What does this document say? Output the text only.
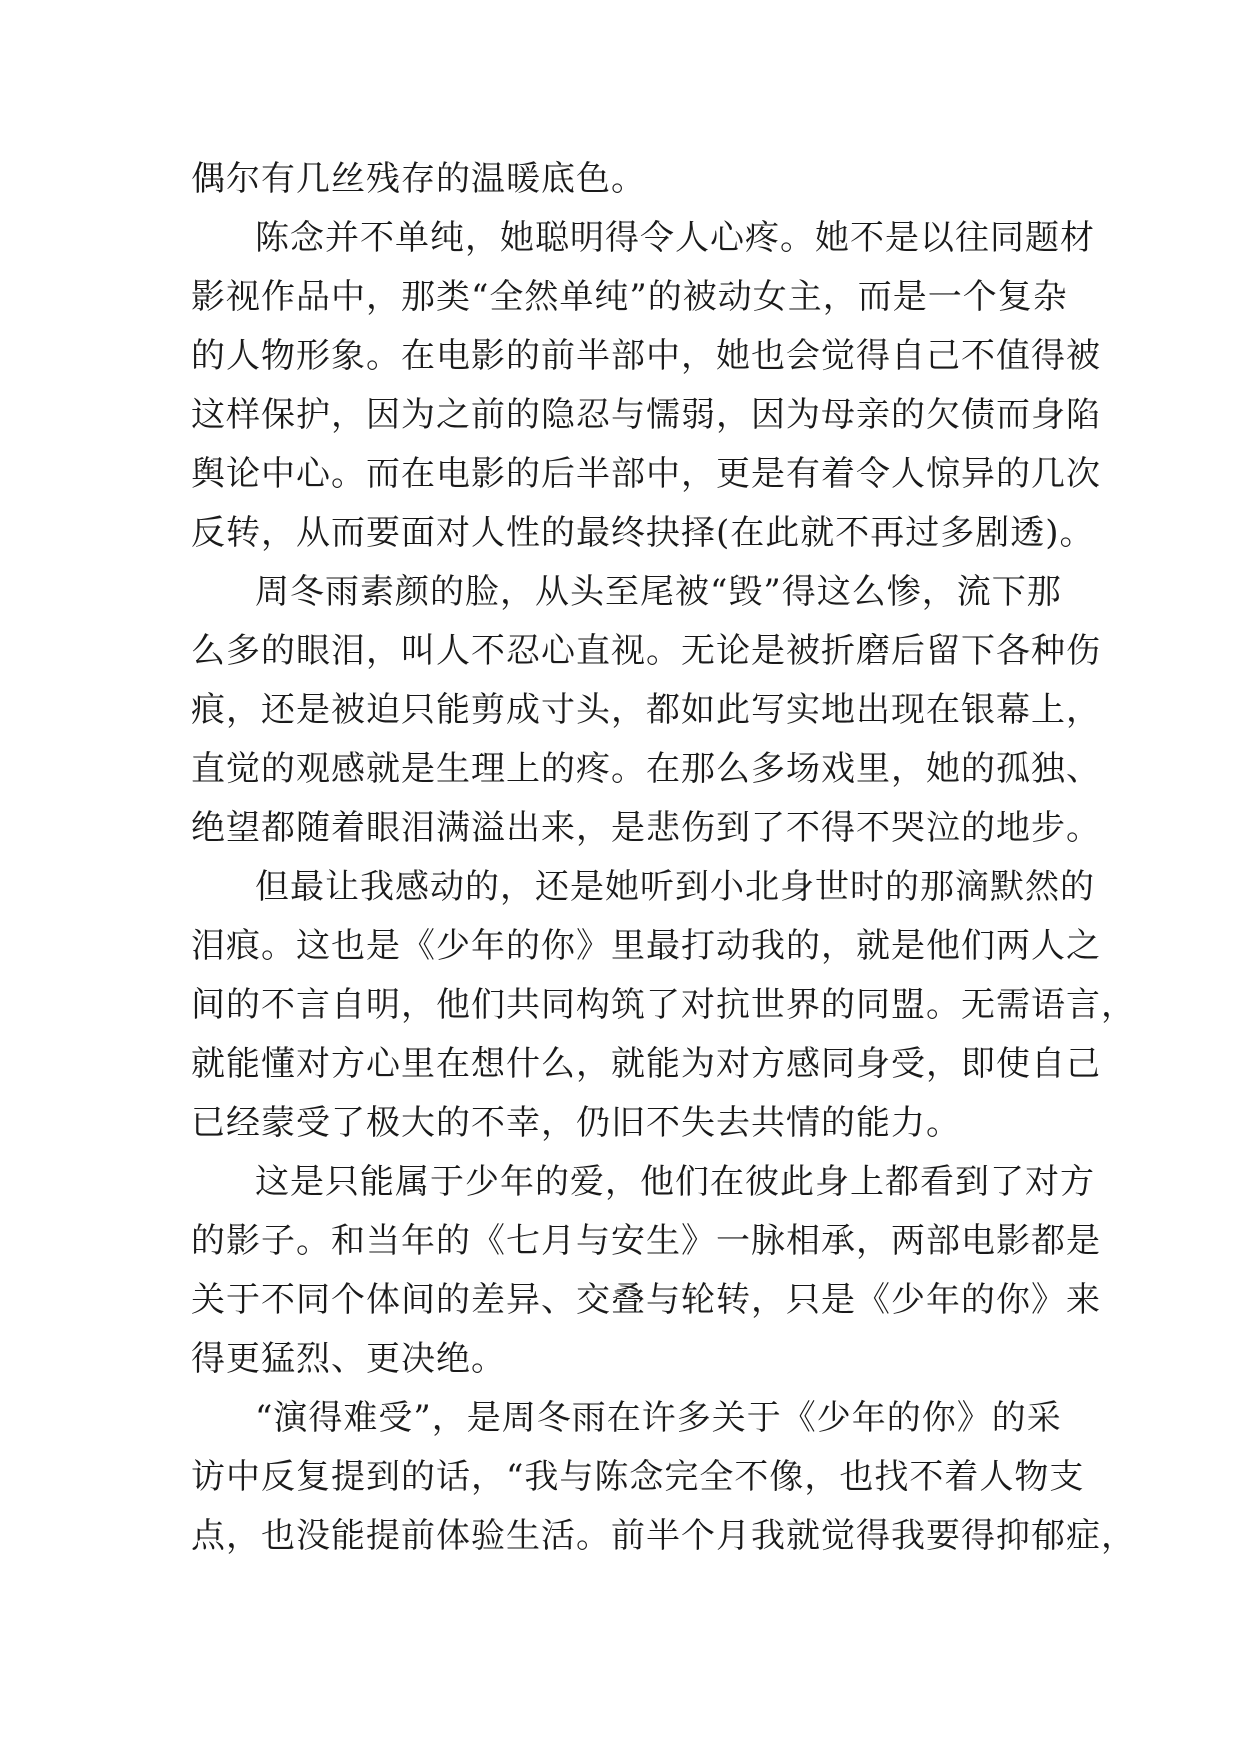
偶尔有几丝残存的温暖底色。
陈念并不单纯，她聪明得令人心疼。她不是以往同题材
影视作品中，那类“全然单纯”的被动女主，而是一个复杂
的人物形象。在电影的前半部中，她也会觉得自己不值得被
这样保护，因为之前的隐忍与懦弱，因为母亲的欠债而身陷
舆论中心。而在电影的后半部中，更是有着令人惊异的几次
反转，从而要面对人性的最终抉择(在此就不再过多剧透)。
周冬雨素颜的脸，从头至尾被“毁”得这么惨，流下那
么多的眼泪，叫人不忍心直视。无论是被折磨后留下各种伤
痕，还是被迫只能剪成寸头，都如此写实地出现在银幕上，
直觉的观感就是生理上的疼。在那么多场戏里，她的孤独、
绝望都随着眼泪满溢出来，是悲伤到了不得不哭泣的地步。
但最让我感动的，还是她听到小北身世时的那滴默然的
泪痕。这也是《少年的你》里最打动我的，就是他们两人之
间的不言自明，他们共同构筑了对抗世界的同盟。无需语言，
就能懂对方心里在想什么，就能为对方感同身受，即使自己
已经蒙受了极大的不幸，仍旧不失去共情的能力。
这是只能属于少年的爱，他们在彼此身上都看到了对方
的影子。和当年的《七月与安生》一脉相承，两部电影都是
关于不同个体间的差异、交叠与轮转，只是《少年的你》来
得更猛烈、更决绝。
“演得难受”，是周冬雨在许多关于《少年的你》的采
访中反复提到的话，“我与陈念完全不像，也找不着人物支
点，也没能提前体验生活。前半个月我就觉得我要得抑郁症，
